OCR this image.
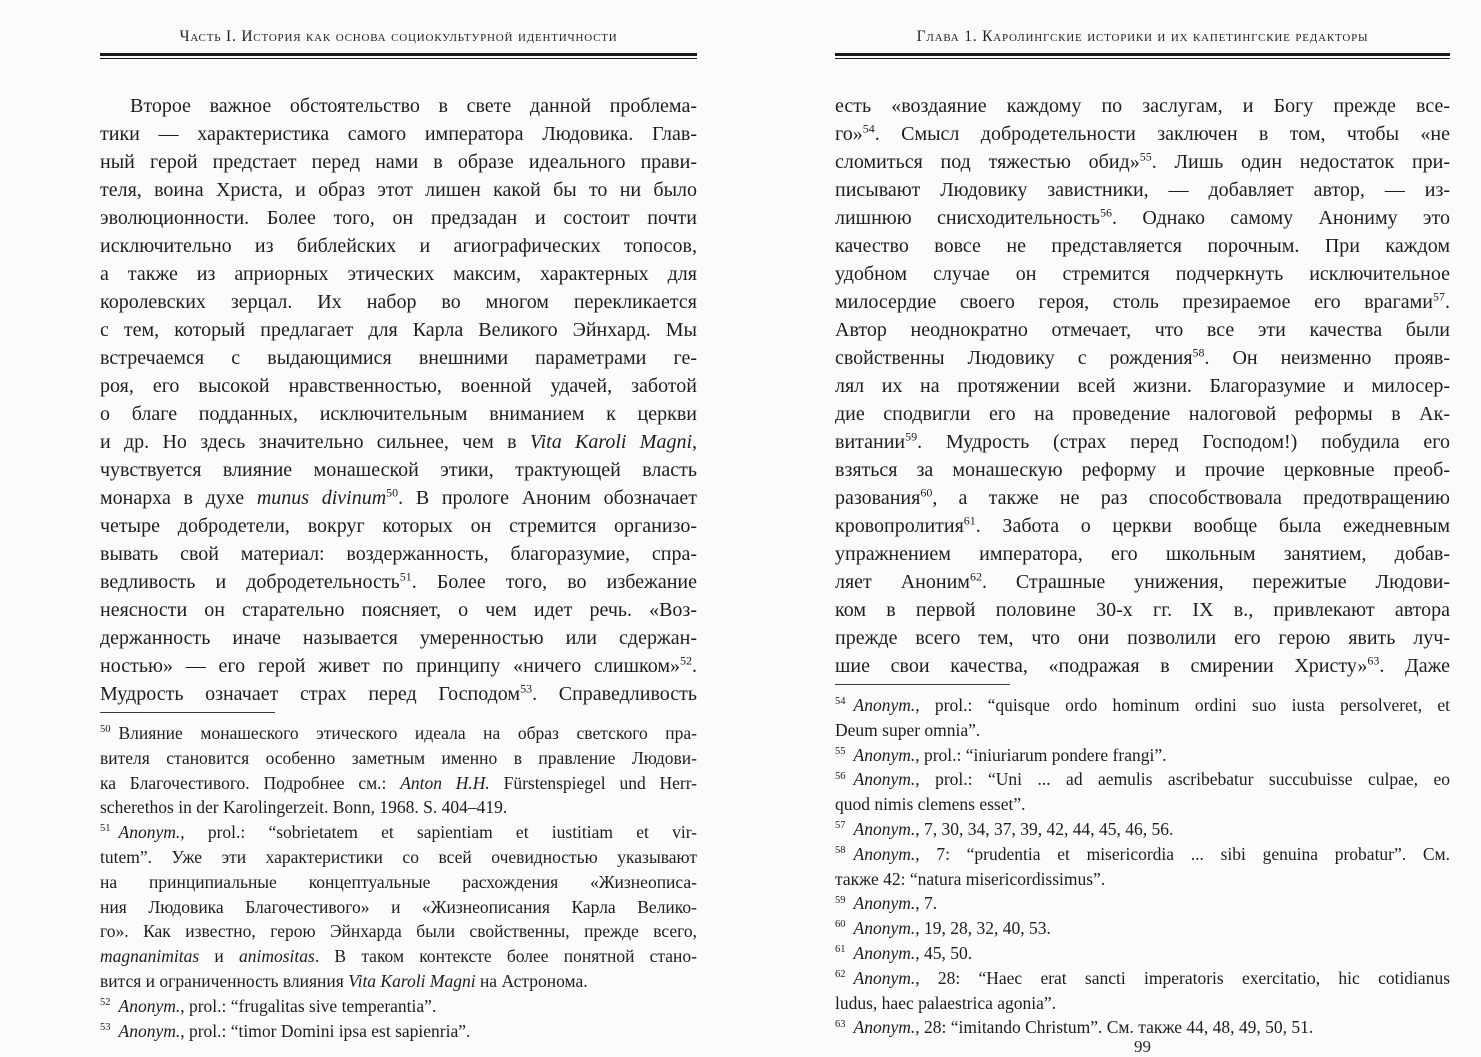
Часть I. История как основа социокультурной идентичности
Второе важное обстоятельство в свете данной проблема-
тики — характеристика самого императора Людовика. Глав-
ный герой предстает перед нами в образе идеального прави-
теля, воина Христа, и образ этот лишен какой бы то ни было
эволюционности. Более того, он предзадан и состоит почти
исключительно из библейских и агиографических топосов,
а также из априорных этических максим, характерных для
королевских зерцал. Их набор во многом перекликается
с тем, который предлагает для Карла Великого Эйнхард. Мы
встречаемся с выдающимися внешними параметрами ге-
роя, его высокой нравственностью, военной удачей, заботой
о благе подданных, исключительным вниманием к церкви
и др. Но здесь значительно сильнее, чем в Vita Karoli Magni,
чувствуется влияние монашеской этики, трактующей власть
монарха в духе munus divinum$^{50}$. В прологе Аноним обозначает
четыре добродетели, вокруг которых он стремится организо-
вывать свой материал: воздержанность, благоразумие, спра-
ведливость и добродетельность$^{51}$. Более того, во избежание
неясности он старательно поясняет, о чем идет речь. «Воз-
держанность иначе называется умеренностью или сдержан-
ностью» — его герой живет по принципу «ничего слишком»$^{52}$.
Мудрость означает страх перед Господом$^{53}$. Справедливость
$^{50}$ Влияние монашеского этического идеала на образ светского пра-
вителя становится особенно заметным именно в правление Людови-
ка Благочестивого. Подробнее см.: Anton H.H. Fürstenspiegel und Herr-
scherethos in der Karolingerzeit. Bonn, 1968. S. 404–419.
$^{51}$ Anonym., prol.: “sobrietatem et sapientiam et iustitiam et vir-
tutem”. Уже эти характеристики со всей очевидностью указывают
на принципиальные концептуальные расхождения «Жизнеописа-
ния Людовика Благочестивого» и «Жизнеописания Карла Велико-
го». Как известно, герою Эйнхарда были свойственны, прежде всего,
magnanimitas и animositas. В таком контексте более понятной стано-
вится и ограниченность влияния Vita Karoli Magni на Астронома.
$^{52}$ Anonym., prol.: “frugalitas sive temperantia”.
$^{53}$ Anonym., prol.: “timor Domini ipsa est sapienria”.
Глава 1. Каролингские историки и их капетингские редакторы
есть «воздаяние каждому по заслугам, и Богу прежде все-
го»$^{54}$. Смысл добродетельности заключен в том, чтобы «не
сломиться под тяжестью обид»$^{55}$. Лишь один недостаток при-
писывают Людовику завистники, — добавляет автор, — из-
лишнюю снисходительность$^{56}$. Однако самому Анониму это
качество вовсе не представляется порочным. При каждом
удобном случае он стремится подчеркнуть исключительное
милосердие своего героя, столь презираемое его врагами$^{57}$.
Автор неоднократно отмечает, что все эти качества были
свойственны Людовику с рождения$^{58}$. Он неизменно прояв-
лял их на протяжении всей жизни. Благоразумие и милосер-
дие сподвигли его на проведение налоговой реформы в Ак-
витании$^{59}$. Мудрость (страх перед Господом!) побудила его
взяться за монашескую реформу и прочие церковные преоб-
разования$^{60}$, а также не раз способствовала предотвращению
кровопролития$^{61}$. Забота о церкви вообще была ежедневным
упражнением императора, его школьным занятием, добав-
ляет Аноним$^{62}$. Страшные унижения, пережитые Людови-
ком в первой половине 30-х гг. IX в., привлекают автора
прежде всего тем, что они позволили его герою явить луч-
шие свои качества, «подражая в смирении Христу»$^{63}$. Даже
$^{54}$ Anonym., prol.: “quisque ordo hominum ordini suo iusta persolveret, et
Deum super omnia”.
$^{55}$ Anonym., prol.: “iniuriarum pondere frangi”.
$^{56}$ Anonym., prol.: “Uni ... ad aemulis ascribebatur succubuisse culpae, eo
quod nimis clemens esset”.
$^{57}$ Anonym., 7, 30, 34, 37, 39, 42, 44, 45, 46, 56.
$^{58}$ Anonym., 7: “prudentia et misericordia ... sibi genuina probatur”. См.
также 42: “natura misericordissimus”.
$^{59}$ Anonym., 7.
$^{60}$ Anonym., 19, 28, 32, 40, 53.
$^{61}$ Anonym., 45, 50.
$^{62}$ Anonym., 28: “Haec erat sancti imperatoris exercitatio, hic cotidianus
ludus, haec palaestrica agonia”.
$^{63}$ Anonym., 28: “imitando Christum”. См. также 44, 48, 49, 50, 51.
99
